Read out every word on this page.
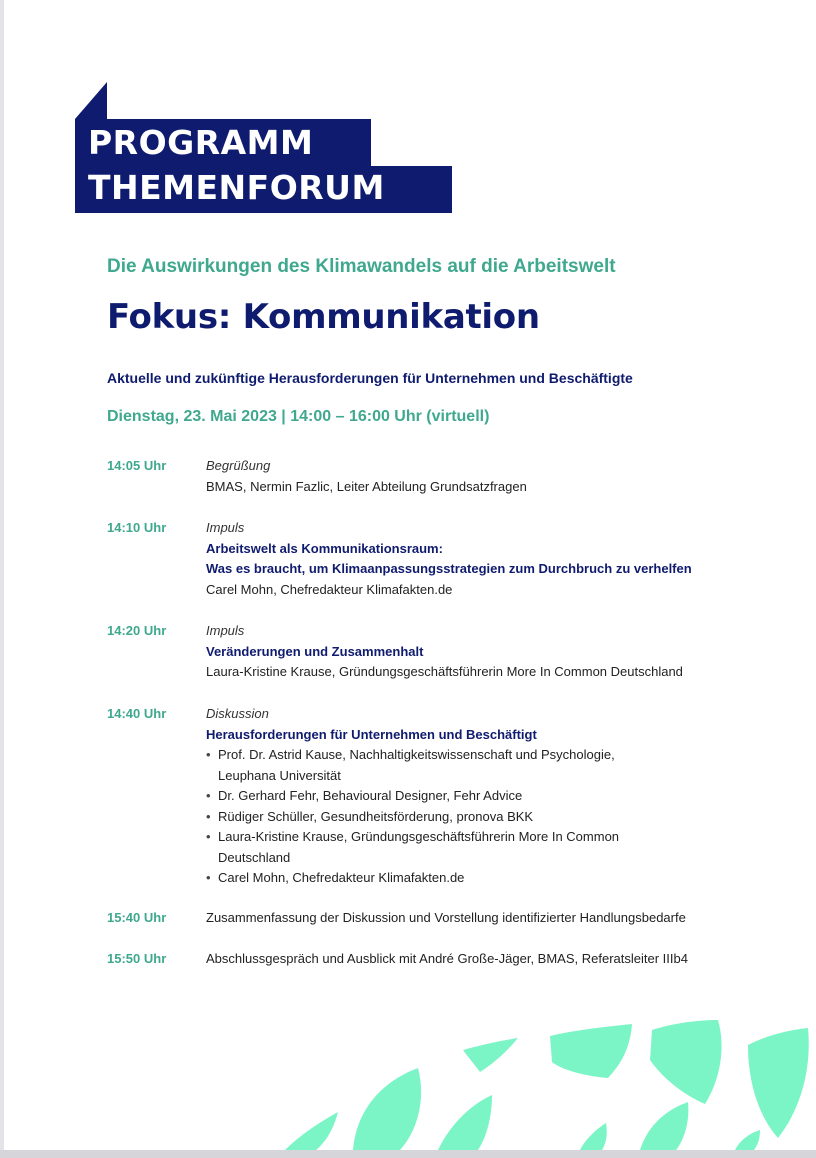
PROGRAMM
THEMENFORUM
Die Auswirkungen des Klimawandels auf die Arbeitswelt
Fokus: Kommunikation
Aktuelle und zukünftige Herausforderungen für Unternehmen und Beschäftigte
Dienstag, 23. Mai 2023 | 14:00 – 16:00 Uhr (virtuell)
14:05 Uhr	Begrüßung
BMAS, Nermin Fazlic, Leiter Abteilung Grundsatzfragen
14:10 Uhr	Impuls
Arbeitswelt als Kommunikationsraum:
Was es braucht, um Klimaanpassungsstrategien zum Durchbruch zu verhelfen
Carel Mohn, Chefredakteur Klimafakten.de
14:20 Uhr	Impuls
Veränderungen und Zusammenhalt
Laura-Kristine Krause, Gründungsgeschäftsführerin More In Common Deutschland
14:40 Uhr	Diskussion
Herausforderungen für Unternehmen und Beschäftigt
• Prof. Dr. Astrid Kause, Nachhaltigkeitswissenschaft und Psychologie,
Leuphana Universität
• Dr. Gerhard Fehr, Behavioural Designer, Fehr Advice
• Rüdiger Schüller, Gesundheitsförderung, pronova BKK
• Laura-Kristine Krause, Gründungsgeschäftsführerin More In Common
Deutschland
• Carel Mohn, Chefredakteur Klimafakten.de
15:40 Uhr	Zusammenfassung der Diskussion und Vorstellung identifizierter Handlungsbedarfe
15:50 Uhr	Abschlussgespräch und Ausblick mit André Große-Jäger, BMAS, Referatsleiter IIIb4
